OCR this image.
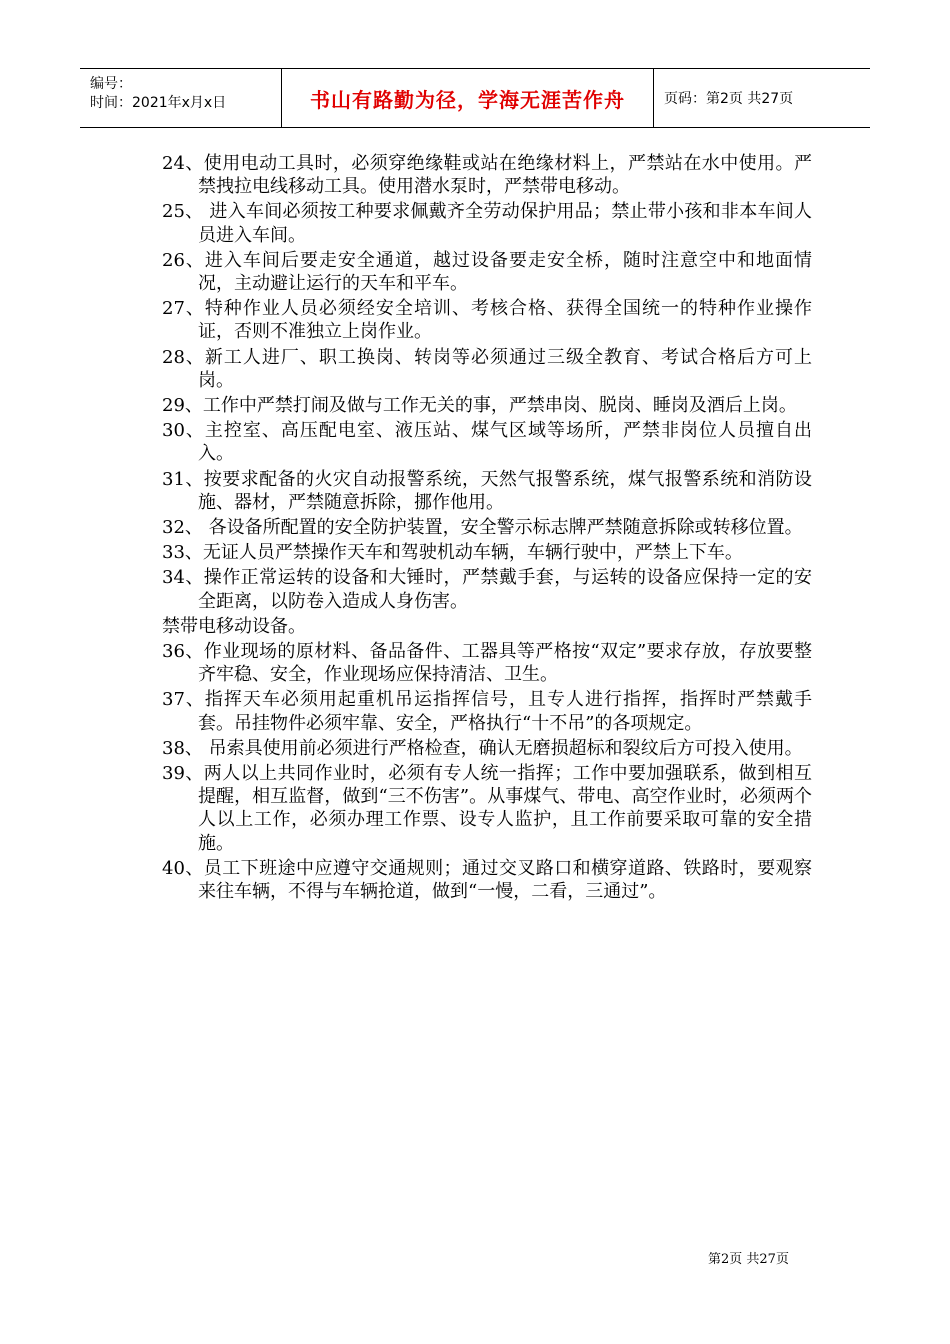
编号：
时间：2021年x月x日	书山有路勤为径，学海无涯苦作舟	页码：第2页 共27页

24、使用电动工具时，必须穿绝缘鞋或站在绝缘材料上，严禁站在水中使用。严禁拽拉电线移动工具。使用潜水泵时，严禁带电移动。

25、 进入车间必须按工种要求佩戴齐全劳动保护用品；禁止带小孩和非本车间人员进入车间。

26、进入车间后要走安全通道，越过设备要走安全桥，随时注意空中和地面情况，主动避让运行的天车和平车。

27、特种作业人员必须经安全培训、考核合格、获得全国统一的特种作业操作证，否则不准独立上岗作业。

28、新工人进厂、职工换岗、转岗等必须通过三级全教育、考试合格后方可上岗。

29、工作中严禁打闹及做与工作无关的事，严禁串岗、脱岗、睡岗及酒后上岗。

30、主控室、高压配电室、液压站、煤气区域等场所，严禁非岗位人员擅自出入。

31、按要求配备的火灾自动报警系统，天然气报警系统，煤气报警系统和消防设施、器材，严禁随意拆除，挪作他用。

32、 各设备所配置的安全防护装置，安全警示标志牌严禁随意拆除或转移位置。

33、无证人员严禁操作天车和驾驶机动车辆，车辆行驶中，严禁上下车。

34、操作正常运转的设备和大锤时，严禁戴手套，与运转的设备应保持一定的安全距离，以防卷入造成人身伤害。

禁带电移动设备。

36、作业现场的原材料、备品备件、工器具等严格按“双定”要求存放，存放要整齐牢稳、安全，作业现场应保持清洁、卫生。

37、指挥天车必须用起重机吊运指挥信号，且专人进行指挥，指挥时严禁戴手套。吊挂物件必须牢靠、安全，严格执行“十不吊”的各项规定。

38、 吊索具使用前必须进行严格检查，确认无磨损超标和裂纹后方可投入使用。

39、两人以上共同作业时，必须有专人统一指挥；工作中要加强联系，做到相互提醒，相互监督，做到“三不伤害”。从事煤气、带电、高空作业时，必须两个人以上工作，必须办理工作票、设专人监护，且工作前要采取可靠的安全措施。

40、员工下班途中应遵守交通规则；通过交叉路口和横穿道路、铁路时，要观察来往车辆，不得与车辆抢道，做到“一慢，二看，三通过”。

第2页 共27页
